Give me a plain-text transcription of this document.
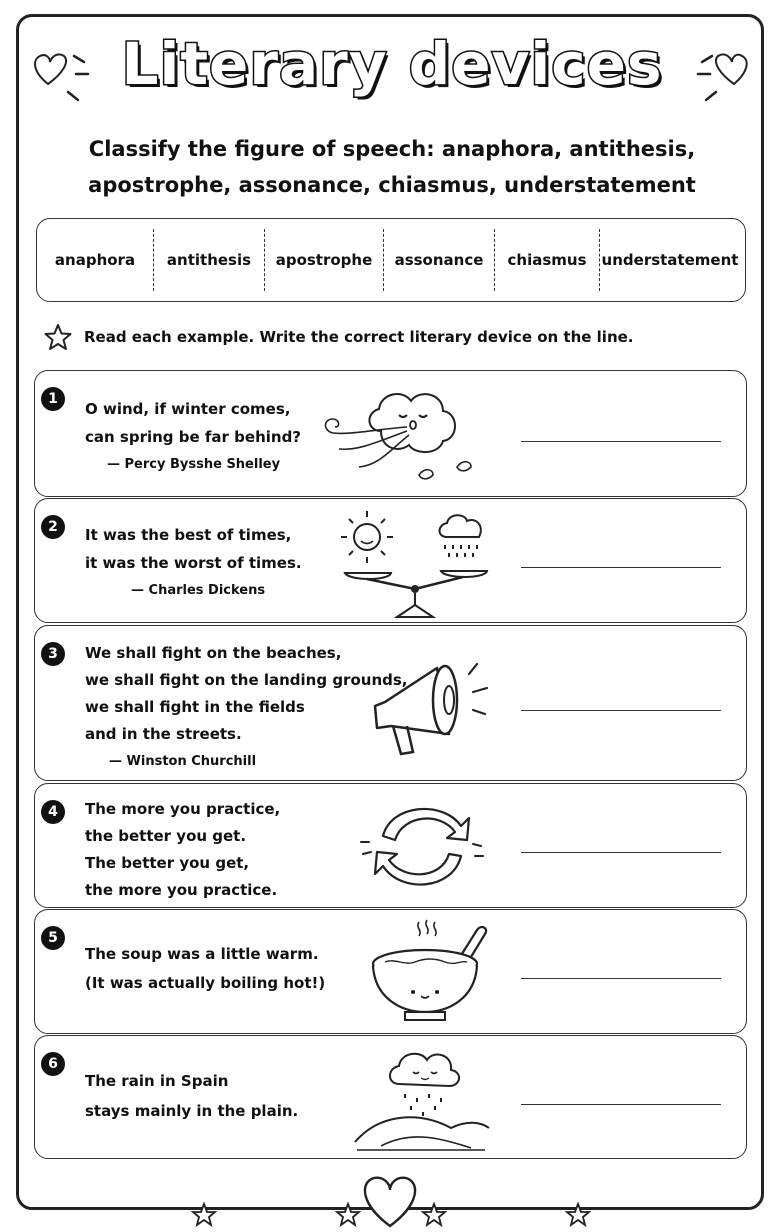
Literary devices
Classify the figure of speech: anaphora, antithesis,
apostrophe, assonance, chiasmus, understatement
anaphora	antithesis	apostrophe	assonance	chiasmus	understatement
Read each example. Write the correct literary device on the line.
1
O wind, if winter comes,
can spring be far behind?
— Percy Bysshe Shelley
2	It was the best of times,
it was the worst of times.
— Charles Dickens
3	We shall fight on the beaches,
we shall fight on the landing grounds,
we shall fight in the fields
and in the streets.
— Winston Churchill
4	The more you practice,
the better you get.
The better you get,
the more you practice.
5
The soup was a little warm.
(It was actually boiling hot!)
6
The rain in Spain
stays mainly in the plain.
